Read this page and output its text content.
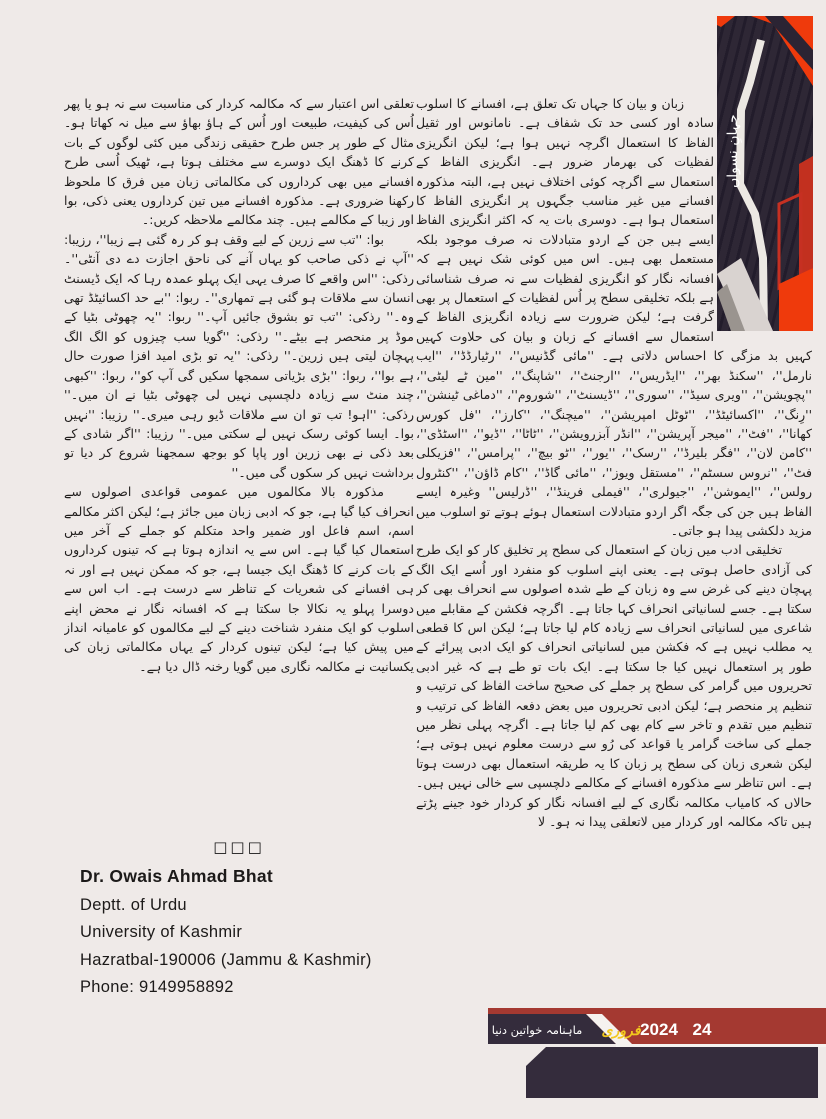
زبان و بیان کا جہاں تک تعلق ہے، افسانے کا اسلوب سادہ اور کسی حد تک شفاف ہے۔ نامانوس اور ثقیل الفاظ کا استعمال اگرچہ نہیں ہوا ہے؛ لیکن انگریزی لفظیات کی بھرمار ضرور ہے۔ انگریزی الفاظ کے استعمال سے اگرچہ کوئی اختلاف نہیں ہے، البتہ مذکورہ افسانے میں غیر مناسب جگہوں پر انگریزی الفاظ کا استعمال ہوا ہے۔ دوسری بات یہ کہ اکثر انگریزی الفاظ ایسے ہیں جن کے اردو متبادلات نہ صرف موجود بلکہ مستعمل بھی ہیں۔ اس میں کوئی شک نہیں ہے کہ افسانہ نگار کو انگریزی لفظیات سے نہ صرف شناسائی ہے بلکہ تخلیقی سطح پر اُس لفظیات کے استعمال پر بھی گرفت ہے؛ لیکن ضرورت سے زیادہ انگریزی الفاظ کے استعمال سے افسانے کے زبان و بیان کی حلاوت کہیں کہیں بد مزگی کا احساس دلاتی ہے۔ ''مائی گڈنیس''، ''رٹیارڈڈ''، ''ایب نارمل''، ''سکنڈ بھر''، ''ایڈریس''، ''ارجنٹ''، ''شاپنگ''، ''مین ٹے لیٹی''، ''پچویشن''، ''ویری سیڈ''، ''سوری''، ''ڈیسنٹ''، ''شوروم''، ''دماغی ٹینشن''، ''رِنگ''، ''اکسائیٹڈ''، ''ٹوٹل امپریشن''، ''میچنگ''، ''کارز''، ''فل کورس کھانا''، ''فٹ''، ''میجر آپریشن''، ''انڈر آبزرویشن''، ''ٹاٹا''، ''ڈیو''، ''اسٹڈی''، ''کامن لان''، ''فگر بلیرڈ''، ''رسک''، ''یور''، ''ٹو بیچ''، ''پرامس''، ''فزیکلی فٹ''، ''نروس سسٹم''، ''مستقل ویوز''، ''مائی گاڈ''، ''کام ڈاؤن''، ''کنٹرول رولس''، ''ایموشن''، ''جیولری''، ''فیملی فرینڈ''، ''ڈرلیس'' وغیرہ ایسے الفاظ ہیں جن کی جگہ اگر اردو متبادلات استعمال ہوئے ہوتے تو اسلوب میں مزید دلکشی پیدا ہو جاتی۔

تخلیقی ادب میں زبان کے استعمال کی سطح پر تخلیق کار کو ایک طرح کی آزادی حاصل ہوتی ہے۔ یعنی اپنے اسلوب کو منفرد اور اُسے ایک الگ پہچان دینے کی غرض سے وہ زبان کے طے شدہ اصولوں سے انحراف بھی کر سکتا ہے۔ جسے لسانیاتی انحراف کہا جاتا ہے۔ اگرچہ فکشن کے مقابلے میں شاعری میں لسانیاتی انحراف سے زیادہ کام لیا جاتا ہے؛ لیکن اس کا قطعی یہ مطلب نہیں ہے کہ فکشن میں لسانیاتی انحراف کو ایک ادبی پیرائے کے طور پر استعمال نہیں کیا جا سکتا ہے۔ ایک بات تو طے ہے کہ غیر ادبی تحریروں میں گرامر کی سطح پر جملے کی صحیح ساخت الفاظ کی ترتیب و تنظیم پر منحصر ہے؛ لیکن ادبی تحریروں میں بعض دفعہ الفاظ کی ترتیب و تنظیم میں تقدم و تاخر سے کام بھی کم لیا جاتا ہے۔ اگرچہ پہلی نظر میں جملے کی ساخت گرامر یا قواعد کی رُو سے درست معلوم نہیں ہوتی ہے؛ لیکن شعری زبان کی سطح پر زبان کا یہ طریقہ استعمال بھی درست ہوتا ہے۔ اس تناظر سے مذکورہ افسانے کے مکالمے دلچسپی سے خالی نہیں ہیں۔ حالاں کہ کامیاب مکالمہ نگاری کے لیے افسانہ نگار کو کردار خود جینے پڑتے ہیں تاکہ مکالمہ اور کردار میں لاتعلقی پیدا نہ ہو۔ لا

تعلقی اس اعتبار سے کہ مکالمہ کردار کی مناسبت سے نہ ہو یا پھر اُس کی کیفیت، طبیعت اور اُس کے ہاؤ بھاؤ سے میل نہ کھاتا ہو۔ مثال کے طور پر جس طرح حقیقی زندگی میں کئی لوگوں کے بات کرنے کا ڈھنگ ایک دوسرے سے مختلف ہوتا ہے، ٹھیک اُسی طرح افسانے میں بھی کرداروں کی مکالماتی زبان میں فرق کا ملحوظ رکھنا ضروری ہے۔ مذکورہ افسانے میں تین کرداروں یعنی ذکی، بوا اور زیبا کے مکالمے ہیں۔ چند مکالمے ملاحظہ کریں:۔

بوا: ''تب سے زرین کے لیے وقف ہو کر رہ گئی ہے زیبا''، رزیبا: ''آپ نے ذکی صاحب کو یہاں آنے کی ناحق اجازت دے دی آنٹی''۔ رذکی: ''اس واقعے کا صرف یہی ایک پہلو عمدہ رہا کہ ایک ڈیسنٹ انسان سے ملاقات ہو گئی ہے تمھاری''۔ ربوا: ''بے حد اکسائیٹڈ تھی وہ۔'' رذکی: ''تب تو بشوق جائیں آپ۔'' ربوا: ''یہ چھوٹی بٹیا کے موڈ پر منحصر ہے بیٹے۔'' رذکی: ''گویا سب چیزوں کو الگ الگ پہچان لیتی ہیں زرین۔'' رذکی: ''یہ تو بڑی امید افزا صورت حال ہے بوا''، ربوا: ''بڑی بڑیاتی سمجھا سکیں گی آپ کو''، ربوا: ''کبھی چند منٹ سے زیادہ دلچسپی نہیں لی چھوٹی بٹیا نے ان میں۔'' رذکی: ''اہو! تب تو ان سے ملاقات ڈیو رہی میری۔'' رزیبا: ''نہیں بوا۔ ایسا کوئی رسک نہیں لے سکتی میں۔'' رزیبا: ''اگر شادی کے بعد ذکی نے بھی زرین اور پاپا کو بوجھ سمجھنا شروع کر دیا تو برداشت نہیں کر سکوں گی میں۔''

مذکورہ بالا مکالموں میں عمومی قواعدی اصولوں سے انحراف کیا گیا ہے، جو کہ ادبی زبان میں جائز ہے؛ لیکن اکثر مکالمے اسم، اسم فاعل اور ضمیر واحد متکلم کو جملے کے آخر میں استعمال کیا گیا ہے۔ اس سے یہ اندازہ ہوتا ہے کہ تینوں کرداروں کے بات کرنے کا ڈھنگ ایک جیسا ہے، جو کہ ممکن نہیں ہے اور نہ ہی افسانے کی شعریات کے تناظر سے درست ہے۔ اب اس سے دوسرا پہلو یہ نکالا جا سکتا ہے کہ افسانہ نگار نے محض اپنے اسلوب کو ایک منفرد شناخت دینے کے لیے مکالموں کو عامیانہ انداز میں پیش کیا ہے؛ لیکن تینوں کردار کے یہاں مکالماتی زبان کی یکسانیت نے مکالمہ نگاری میں گویا رخنہ ڈال دیا ہے۔

□□□
Dr. Owais Ahmad Bhat
Deptt. of Urdu
University of Kashmir
Hazratbal-190006 (Jammu & Kashmir)
Phone: 9149958892
جہانِ نسواں
ماہنامہ خواتین دنیا فروری 2024 24
